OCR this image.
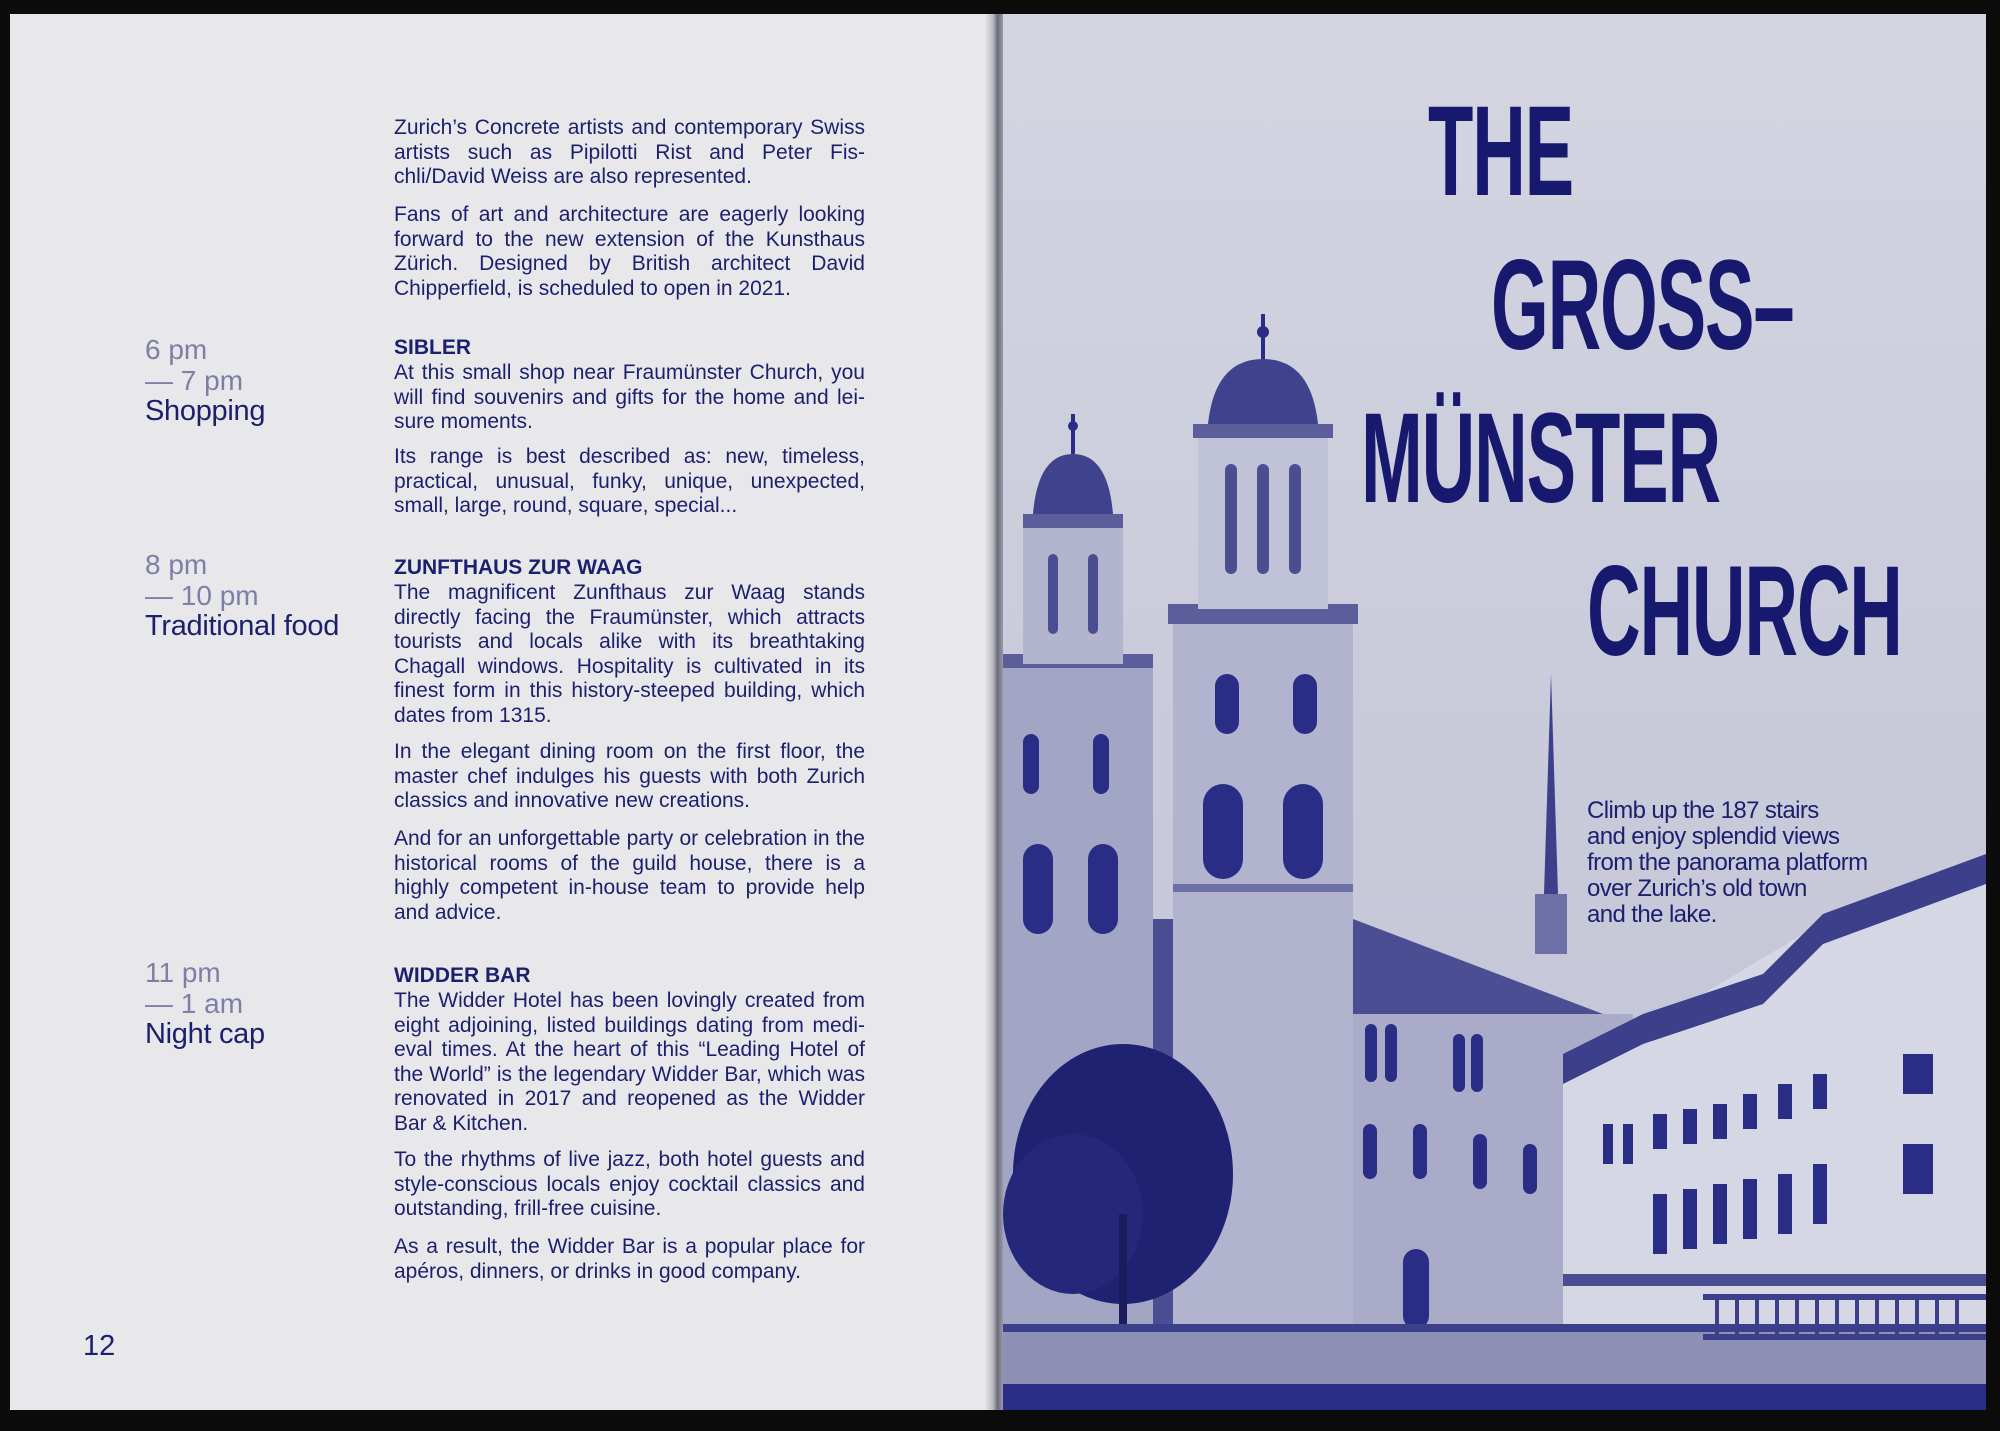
Zurich’s Concrete artists and contemporary Swiss artists such as Pipilotti Rist and Peter Fis-chli/David Weiss are also represented.

Fans of art and architecture are eagerly looking forward to the new extension of the Kunsthaus Zürich. Designed by British architect David Chipperfield, is scheduled to open in 2021.

6 pm

— 7 pm

Shopping

SIBLER

At this small shop near Fraumünster Church, you will find souvenirs and gifts for the home and lei-sure moments.

Its range is best described as: new, timeless, practical, unusual, funky, unique, unexpected, small, large, round, square, special...

8 pm

— 10 pm

Traditional food

ZUNFTHAUS ZUR WAAG

The magnificent Zunfthaus zur Waag stands directly facing the Fraumünster, which attracts tourists and locals alike with its breathtaking Chagall windows. Hospitality is cultivated in its finest form in this history-steeped building, which dates from 1315.

In the elegant dining room on the first floor, the master chef indulges his guests with both Zurich classics and innovative new creations.

And for an unforgettable party or celebration in the historical rooms of the guild house, there is a highly competent in-house team to provide help and advice.

11 pm

— 1 am

Night cap

WIDDER BAR

The Widder Hotel has been lovingly created from eight adjoining, listed buildings dating from medi-eval times. At the heart of this “Leading Hotel of the World” is the legendary Widder Bar, which was renovated in 2017 and reopened as the Widder Bar & Kitchen.

To the rhythms of live jazz, both hotel guests and style-conscious locals enjoy cocktail classics and outstanding, frill-free cuisine.

As a result, the Widder Bar is a popular place for apéros, dinners, or drinks in good company.

12

THE

GROSS–

MÜNSTER

CHURCH

Climb up the 187 stairs
and enjoy splendid views
from the panorama platform
over Zurich’s old town
and the lake.
